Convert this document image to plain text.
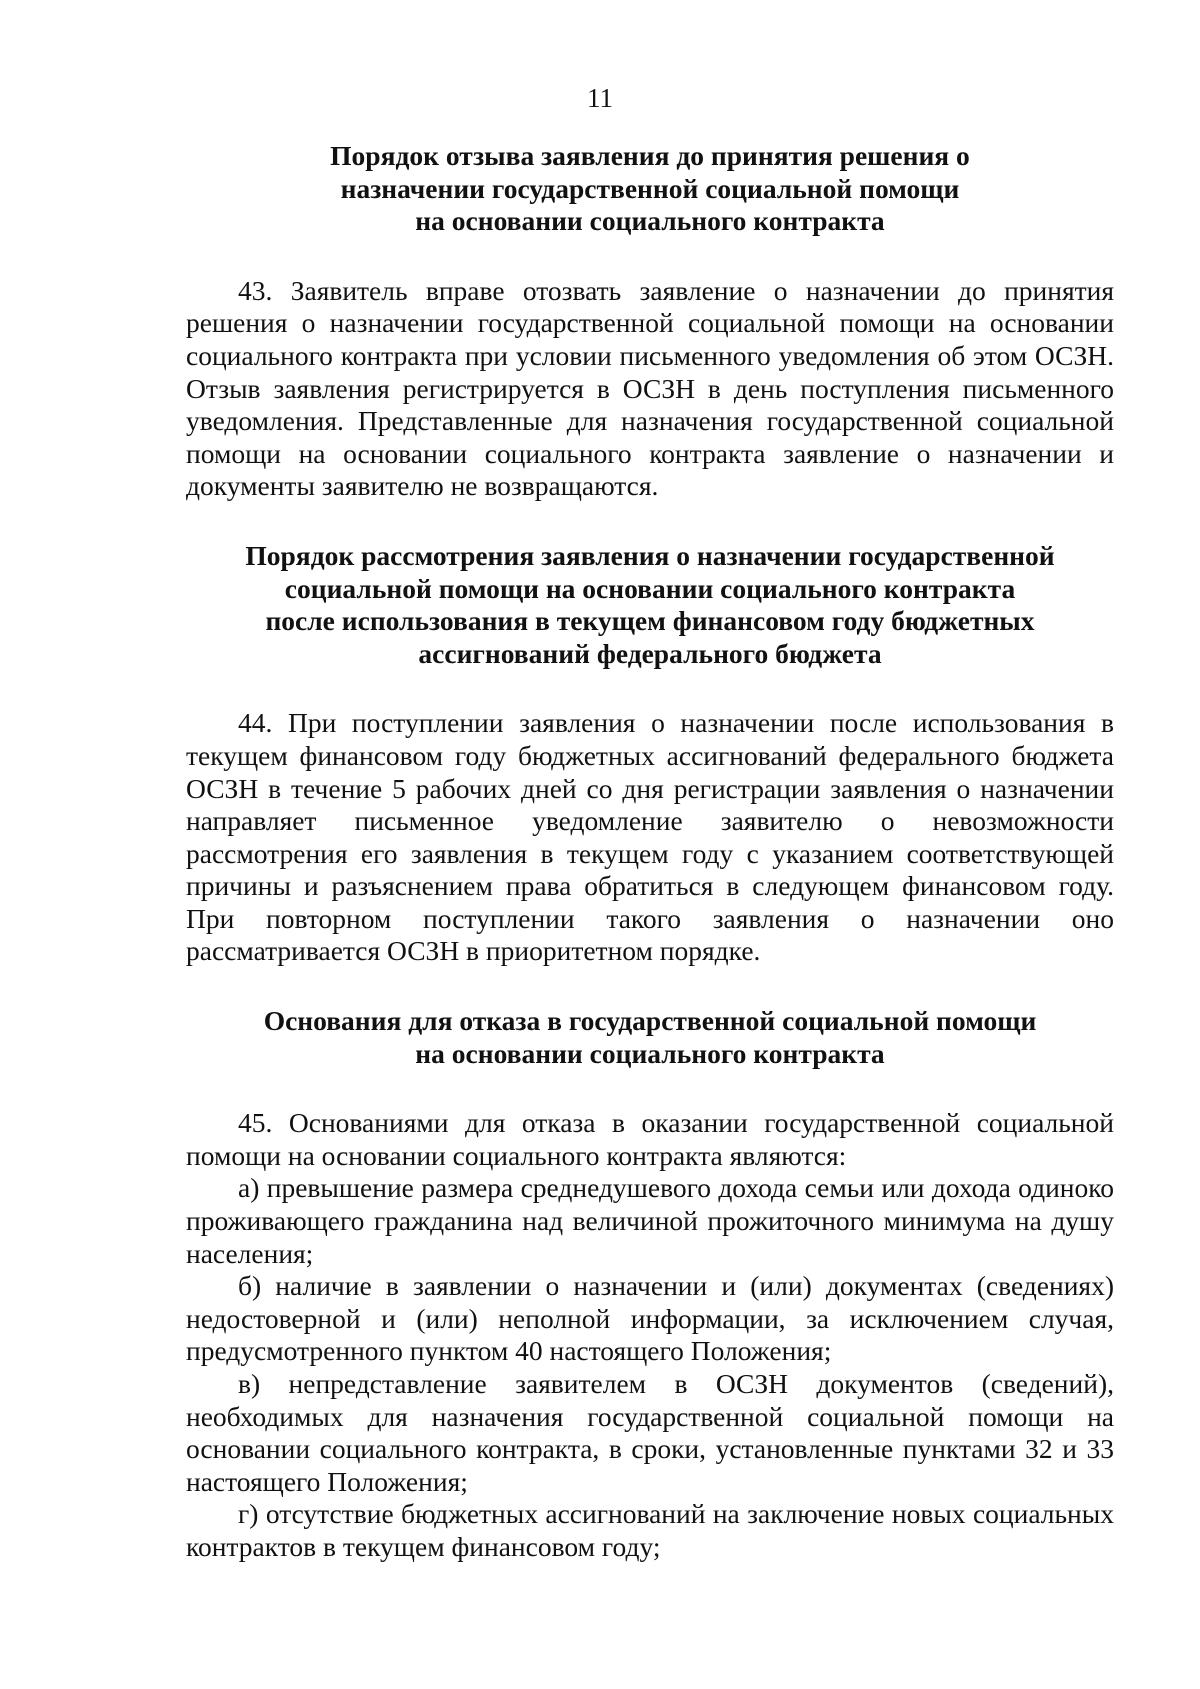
11
Порядок отзыва заявления до принятия решения о
назначении государственной социальной помощи
на основании социального контракта

43. Заявитель вправе отозвать заявление о назначении до принятия решения о назначении государственной социальной помощи на основании социального контракта при условии письменного уведомления об этом ОСЗН. Отзыв заявления регистрируется в ОСЗН в день поступления письменного уведомления. Представленные для назначения государственной социальной помощи на основании социального контракта заявление о назначении и документы заявителю не возвращаются.

Порядок рассмотрения заявления о назначении государственной
социальной помощи на основании социального контракта
после использования в текущем финансовом году бюджетных
ассигнований федерального бюджета

44. При поступлении заявления о назначении после использования в текущем финансовом году бюджетных ассигнований федерального бюджета ОСЗН в течение 5 рабочих дней со дня регистрации заявления о назначении направляет письменное уведомление заявителю о невозможности рассмотрения его заявления в текущем году с указанием соответствующей причины и разъяснением права обратиться в следующем финансовом году. При повторном поступлении такого заявления о назначении оно рассматривается ОСЗН в приоритетном порядке.

Основания для отказа в государственной социальной помощи
на основании социального контракта

45. Основаниями для отказа в оказании государственной социальной помощи на основании социального контракта являются:

а) превышение размера среднедушевого дохода семьи или дохода одиноко проживающего гражданина над величиной прожиточного минимума на душу населения;

б) наличие в заявлении о назначении и (или) документах (сведениях) недостоверной и (или) неполной информации, за исключением случая, предусмотренного пунктом 40 настоящего Положения;

в) непредставление заявителем в ОСЗН документов (сведений), необходимых для назначения государственной социальной помощи на основании социального контракта, в сроки, установленные пунктами 32 и 33 настоящего Положения;

г) отсутствие бюджетных ассигнований на заключение новых социальных контрактов в текущем финансовом году;
